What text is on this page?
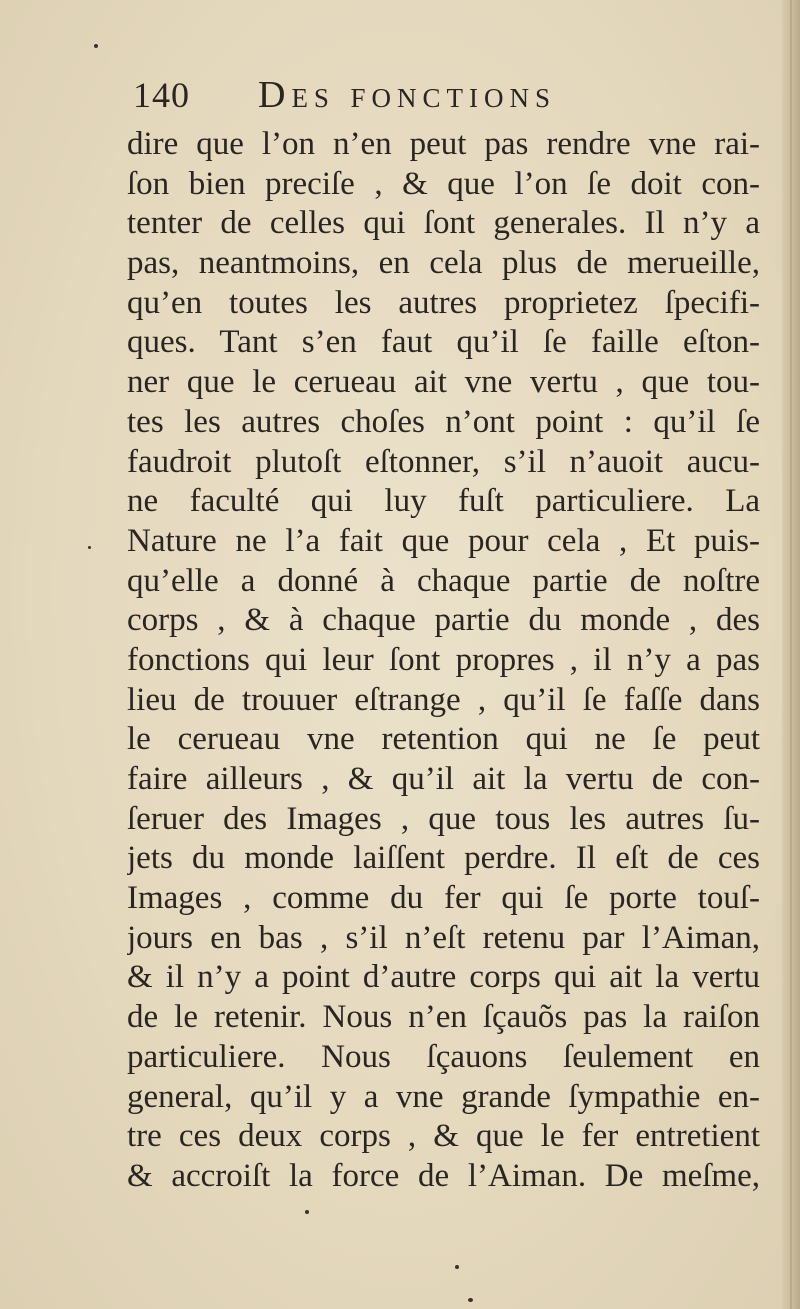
140 Des fonctions
dire que l’on n’en peut pas rendre vne rai-
ſon bien preciſe , & que l’on ſe doit con-
tenter de celles qui ſont generales. Il n’y a
pas, neantmoins, en cela plus de merueille,
qu’en toutes les autres proprietez ſpecifi-
ques. Tant s’en faut qu’il ſe faille eſton-
ner que le cerueau ait vne vertu , que tou-
tes les autres choſes n’ont point : qu’il ſe
faudroit plutoſt eſtonner, s’il n’auoit aucu-
ne faculté qui luy fuſt particuliere. La
Nature ne l’a fait que pour cela , Et puis-
qu’elle a donné à chaque partie de noſtre
corps , & à chaque partie du monde , des
fonctions qui leur ſont propres , il n’y a pas
lieu de trouuer eſtrange , qu’il ſe faſſe dans
le cerueau vne retention qui ne ſe peut
faire ailleurs , & qu’il ait la vertu de con-
ſeruer des Images , que tous les autres ſu-
jets du monde laiſſent perdre. Il eſt de ces
Images , comme du fer qui ſe porte touſ-
jours en bas , s’il n’eſt retenu par l’Aiman,
& il n’y a point d’autre corps qui ait la vertu
de le retenir. Nous n’en ſçauõs pas la raiſon
particuliere. Nous ſçauons ſeulement en
general, qu’il y a vne grande ſympathie en-
tre ces deux corps , & que le fer entretient
& accroiſt la force de l’Aiman. De meſme,
